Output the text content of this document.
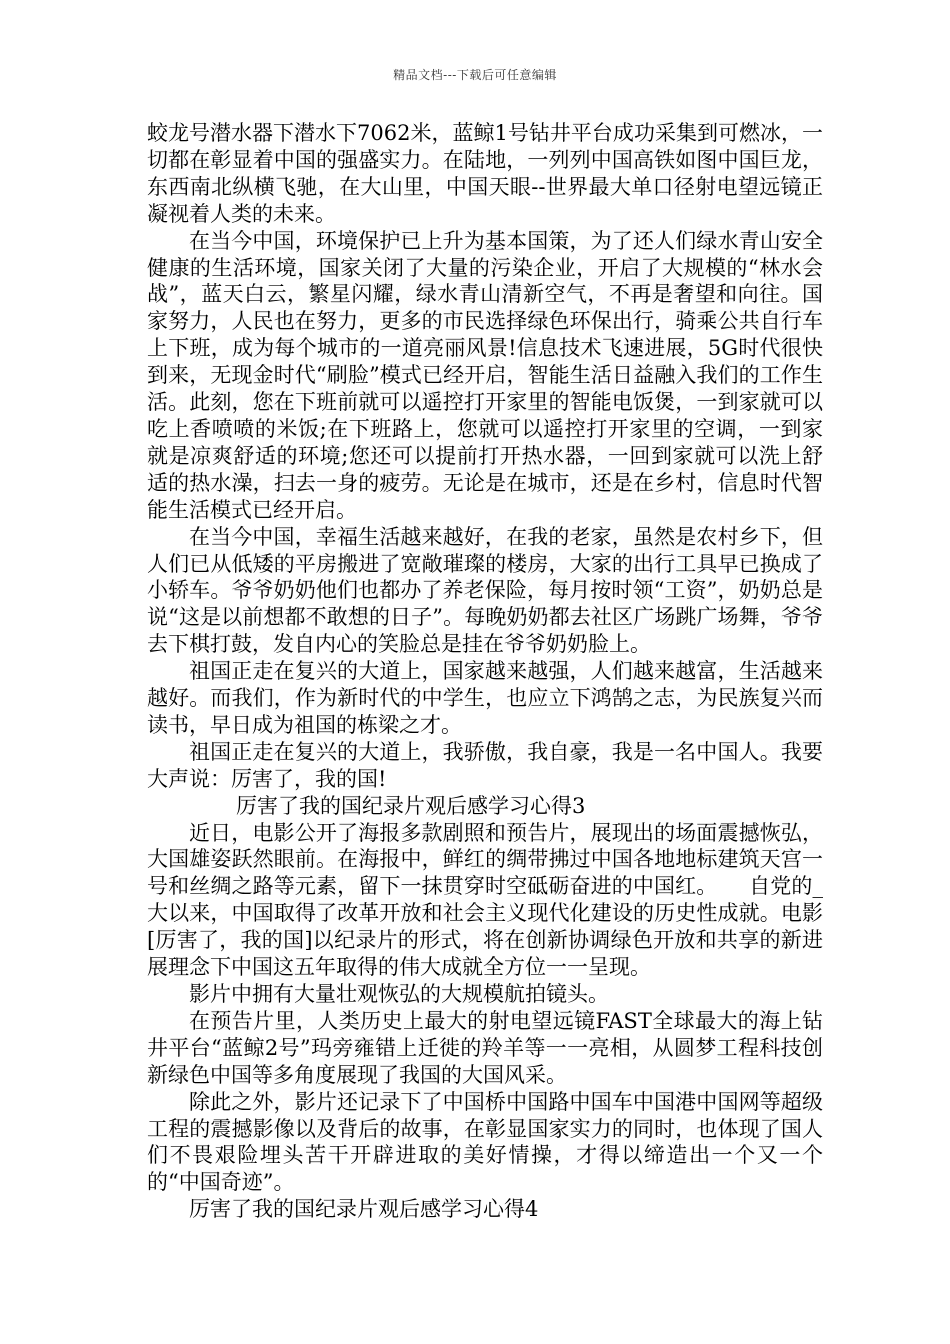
精品文档---下载后可任意编辑

蛟龙号潜水器下潜水下7062米，蓝鲸1号钻井平台成功采集到可燃冰，一切都在彰显着中国的强盛实力。在陆地，一列列中国高铁如图中国巨龙，东西南北纵横飞驰，在大山里，中国天眼--世界最大单口径射电望远镜正凝视着人类的未来。

在当今中国，环境保护已上升为基本国策，为了还人们绿水青山安全健康的生活环境，国家关闭了大量的污染企业，开启了大规模的“林水会战”，蓝天白云，繁星闪耀，绿水青山清新空气，不再是奢望和向往。国家努力，人民也在努力，更多的市民选择绿色环保出行，骑乘公共自行车上下班，成为每个城市的一道亮丽风景!信息技术飞速进展，5G时代很快到来，无现金时代“刷脸”模式已经开启，智能生活日益融入我们的工作生活。此刻，您在下班前就可以遥控打开家里的智能电饭煲，一到家就可以吃上香喷喷的米饭;在下班路上，您就可以遥控打开家里的空调，一到家就是凉爽舒适的环境;您还可以提前打开热水器，一回到家就可以洗上舒适的热水澡，扫去一身的疲劳。无论是在城市，还是在乡村，信息时代智能生活模式已经开启。

在当今中国，幸福生活越来越好，在我的老家，虽然是农村乡下，但人们已从低矮的平房搬进了宽敞璀璨的楼房，大家的出行工具早已换成了小轿车。爷爷奶奶他们也都办了养老保险，每月按时领“工资”，奶奶总是说“这是以前想都不敢想的日子”。每晚奶奶都去社区广场跳广场舞，爷爷去下棋打鼓，发自内心的笑脸总是挂在爷爷奶奶脸上。

祖国正走在复兴的大道上，国家越来越强，人们越来越富，生活越来越好。而我们，作为新时代的中学生，也应立下鸿鹄之志，为民族复兴而读书，早日成为祖国的栋梁之才。

祖国正走在复兴的大道上，我骄傲，我自豪，我是一名中国人。我要大声说：厉害了，我的国!

厉害了我的国纪录片观后感学习心得3

近日，电影公开了海报多款剧照和预告片，展现出的场面震撼恢弘，大国雄姿跃然眼前。在海报中，鲜红的绸带拂过中国各地地标建筑天宫一号和丝绸之路等元素，留下一抹贯穿时空砥砺奋进的中国红。　　自党的_大以来，中国取得了改革开放和社会主义现代化建设的历史性成就。电影[厉害了，我的国]以纪录片的形式，将在创新协调绿色开放和共享的新进展理念下中国这五年取得的伟大成就全方位一一呈现。

影片中拥有大量壮观恢弘的大规模航拍镜头。

在预告片里，人类历史上最大的射电望远镜FAST全球最大的海上钻井平台“蓝鲸2号”玛旁雍错上迁徙的羚羊等一一亮相，从圆梦工程科技创新绿色中国等多角度展现了我国的大国风采。

除此之外，影片还记录下了中国桥中国路中国车中国港中国网等超级工程的震撼影像以及背后的故事，在彰显国家实力的同时，也体现了国人们不畏艰险埋头苦干开辟进取的美好情操，才得以缔造出一个又一个的“中国奇迹”。

厉害了我的国纪录片观后感学习心得4
